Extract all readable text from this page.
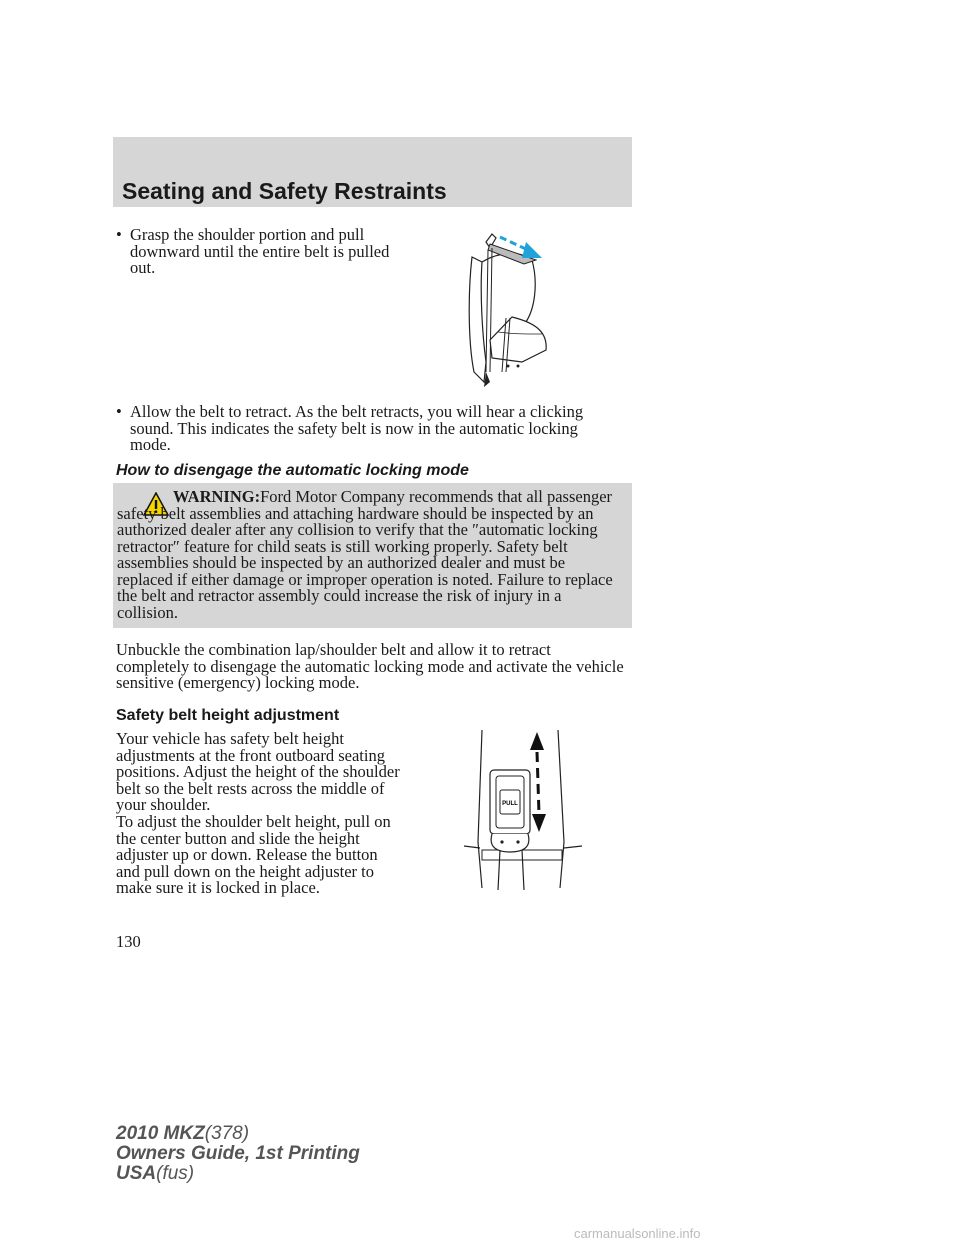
Seating and Safety Restraints
• Grasp the shoulder portion and pull downward until the entire belt is pulled out.
• Allow the belt to retract. As the belt retracts, you will hear a clicking sound. This indicates the safety belt is now in the automatic locking mode.
How to disengage the automatic locking mode
WARNING:Ford Motor Company recommends that all passenger safety belt assemblies and attaching hardware should be inspected by an authorized dealer after any collision to verify that the ″automatic locking retractor″ feature for child seats is still working properly. Safety belt assemblies should be inspected by an authorized dealer and must be replaced if either damage or improper operation is noted. Failure to replace the belt and retractor assembly could increase the risk of injury in a collision.
Unbuckle the combination lap/shoulder belt and allow it to retract completely to disengage the automatic locking mode and activate the vehicle sensitive (emergency) locking mode.
Safety belt height adjustment
Your vehicle has safety belt height adjustments at the front outboard seating positions. Adjust the height of the shoulder belt so the belt rests across the middle of your shoulder.
To adjust the shoulder belt height, pull on the center button and slide the height adjuster up or down. Release the button and pull down on the height adjuster to make sure it is locked in place.
PULL
130
2010 MKZ(378)
Owners Guide, 1st Printing
USA(fus)
carmanualsonline.info
